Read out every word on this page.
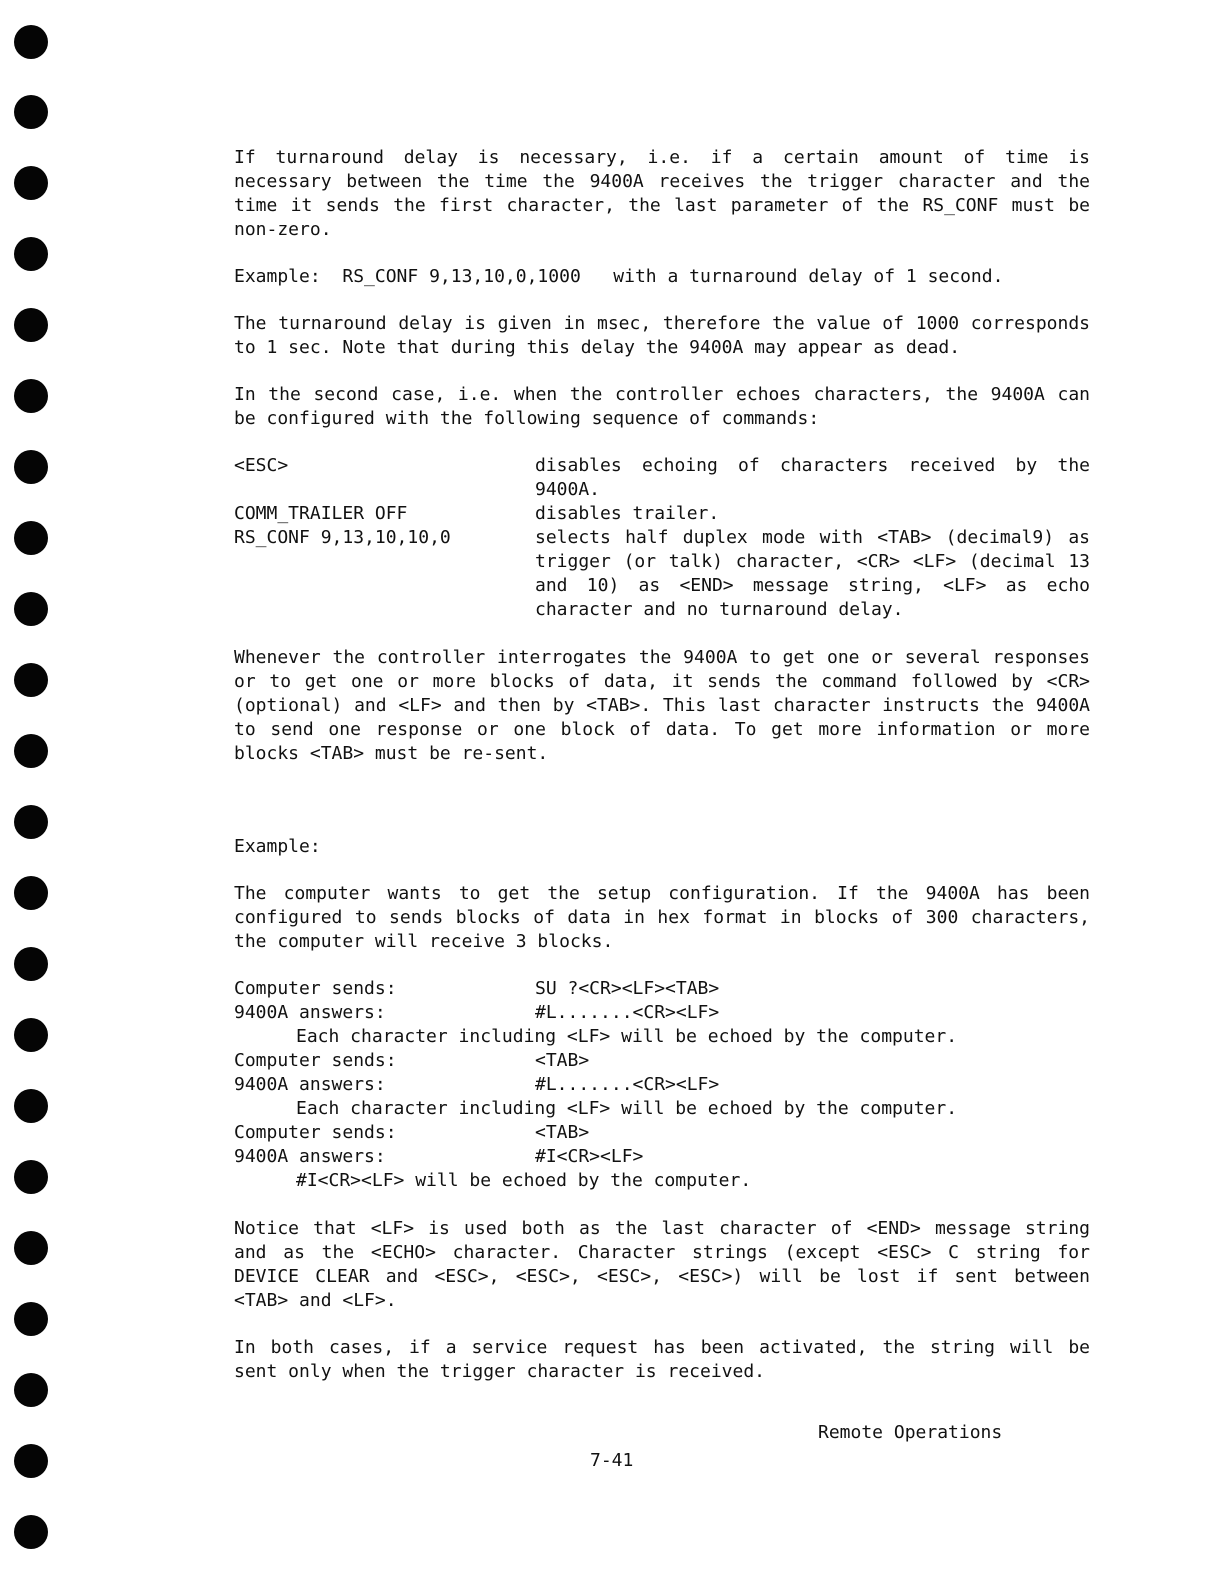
If turnaround delay is necessary, i.e. if a certain amount of time is necessary between the time the 9400A receives the trigger character and the time it sends the first character, the last parameter of the RS_CONF must be non-zero.

Example:  RS_CONF 9,13,10,0,1000   with a turnaround delay of 1 second.

The turnaround delay is given in msec, therefore the value of 1000 corresponds to 1 sec. Note that during this delay the 9400A may appear as dead.

In the second case, i.e. when the controller echoes characters, the 9400A can be configured with the following sequence of commands:

<ESC>	disables echoing of characters received by the 9400A.
COMM_TRAILER OFF	disables trailer.
RS_CONF 9,13,10,10,0	selects half duplex mode with <TAB> (decimal9) as trigger (or talk) character, <CR> <LF> (decimal 13 and 10) as <END> message string, <LF> as echo character and no turnaround delay.

Whenever the controller interrogates the 9400A to get one or several responses or to get one or more blocks of data, it sends the command followed by <CR> (optional) and <LF> and then by <TAB>. This last character instructs the 9400A to send one response or one block of data. To get more information or more blocks <TAB> must be re-sent.

Example:

The computer wants to get the setup configuration. If the 9400A has been configured to sends blocks of data in hex format in blocks of 300 characters, the computer will receive 3 blocks.

Computer sends:	SU ?<CR><LF><TAB>
9400A answers:	#L.......<CR><LF>
Each character including <LF> will be echoed by the computer.
Computer sends:	<TAB>
9400A answers:	#L.......<CR><LF>
Each character including <LF> will be echoed by the computer.
Computer sends:	<TAB>
9400A answers:	#I<CR><LF>
#I<CR><LF> will be echoed by the computer.

Notice that <LF> is used both as the last character of <END> message string and as the <ECHO> character. Character strings (except <ESC> C string for DEVICE CLEAR and <ESC>, <ESC>, <ESC>, <ESC>) will be lost if sent between <TAB> and <LF>.

In both cases, if a service request has been activated, the string will be sent only when the trigger character is received.

Remote Operations
7-41
